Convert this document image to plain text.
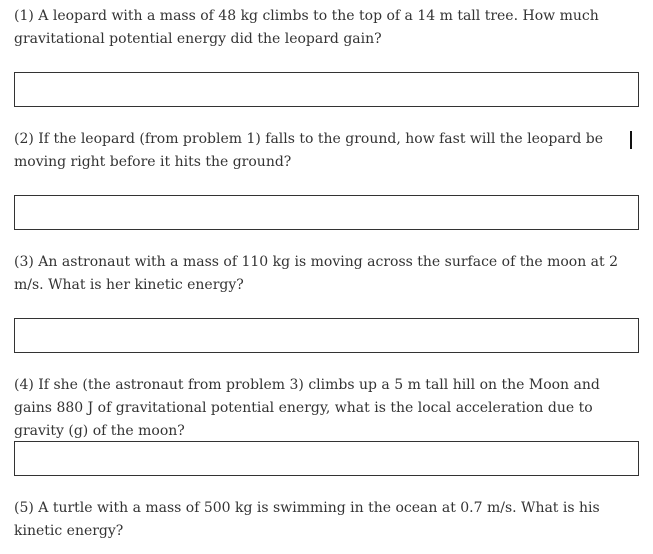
(1) A leopard with a mass of 48 kg climbs to the top of a 14 m tall tree. How much gravitational potential energy did the leopard gain?

(2) If the leopard (from problem 1) falls to the ground, how fast will the leopard be moving right before it hits the ground?

(3) An astronaut with a mass of 110 kg is moving across the surface of the moon at 2 m/s. What is her kinetic energy?

(4) If she (the astronaut from problem 3) climbs up a 5 m tall hill on the Moon and gains 880 J of gravitational potential energy, what is the local acceleration due to gravity (g) of the moon?

(5) A turtle with a mass of 500 kg is swimming in the ocean at 0.7 m/s. What is his kinetic energy?
